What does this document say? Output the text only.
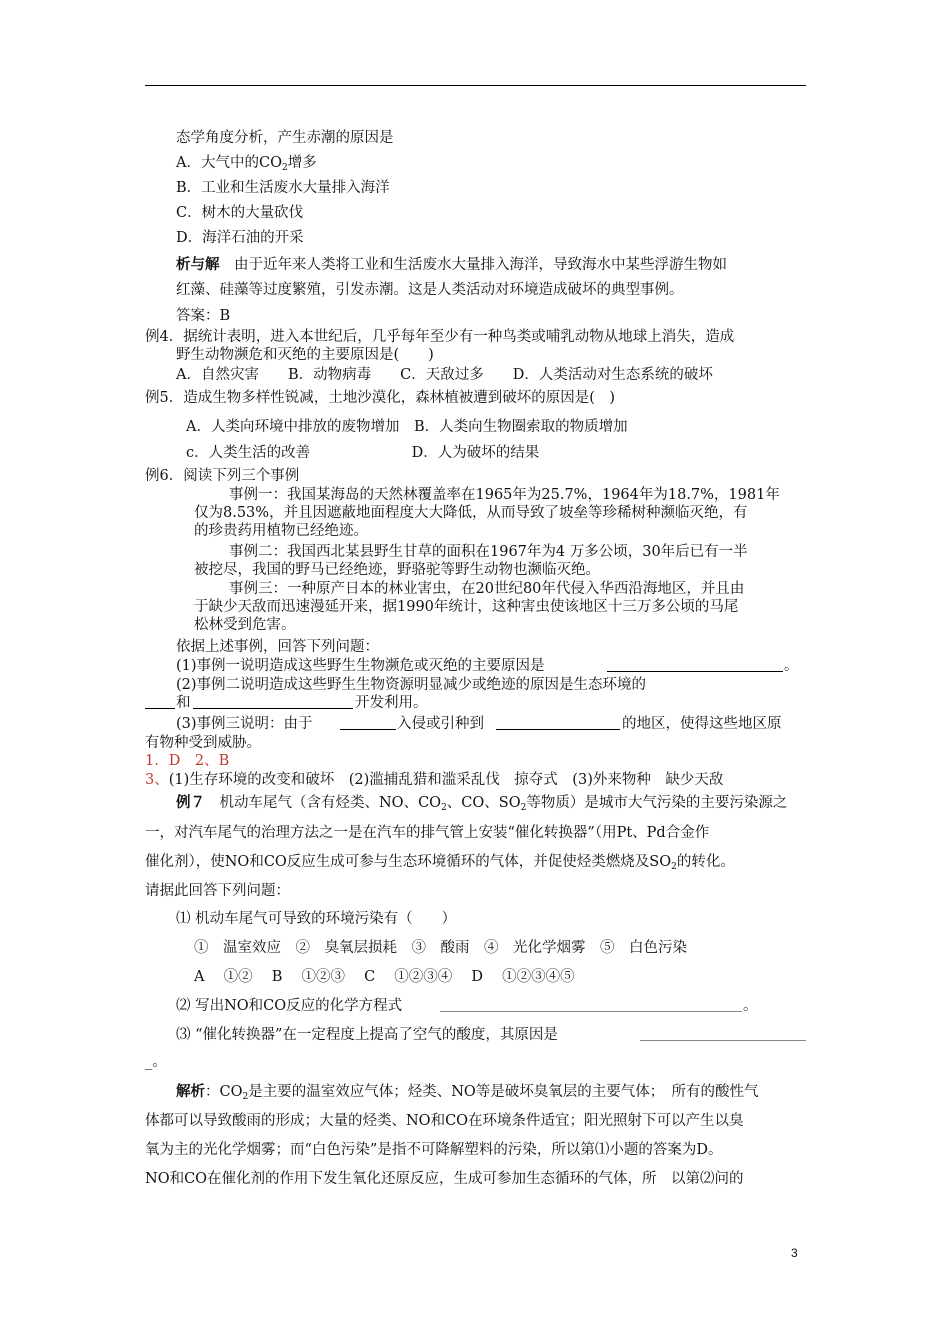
态学角度分析，产生赤潮的原因是
A．大气中的$CO_2$增多
B．工业和生活废水大量排入海洋
C．树木的大量砍伐
D．海洋石油的开采
析与解　由于近年来人类将工业和生活废水大量排入海洋，导致海水中某些浮游生物如
红藻、硅藻等过度繁殖，引发赤潮。这是人类活动对环境造成破坏的典型事例。
答案：B
例4．据统计表明，进入本世纪后，几乎每年至少有一种鸟类或哺乳动物从地球上消失，造成
野生动物濒危和灭绝的主要原因是(　　)
A．自然灾害　　B．动物病毒　　C．天敌过多　　D．人类活动对生态系统的破坏
例5．造成生物多样性锐减，土地沙漠化，森林植被遭到破坏的原因是(　)
A．人类向环境中排放的废物增加　B．人类向生物圈索取的物质增加
c．人类生活的改善　　　　　　　D．人为破坏的结果
例6．阅读下列三个事例
事例一：我国某海岛的天然林覆盖率在1965年为25.7%，1964年为18.7%，1981年
仅为8.53%，并且因遮蔽地面程度大大降低，从而导致了坡垒等珍稀树种濒临灭绝，有
的珍贵药用植物已经绝迹。
事例二：我国西北某县野生甘草的面积在1967年为4 万多公顷，30年后已有一半
被挖尽，我国的野马已经绝迹，野骆驼等野生动物也濒临灭绝。
事例三：一种原产日本的林业害虫，在20世纪80年代侵入华西沿海地区，并且由
于缺少天敌而迅速漫延开来，据1990年统计，这种害虫使该地区十三万多公顷的马尾
松林受到危害。
依据上述事例，回答下列问题：
(1)事例一说明造成这些野生生物濒危或灭绝的主要原因是	。
(2)事例二说明造成这些野生生物资源明显减少或绝迹的原因是生态环境的
和	开发利用。
(3)事例三说明：由于	入侵或引种到	的地区，使得这些地区原
有物种受到威胁。
1．D　2、B
3、(1)生存环境的改变和破坏　(2)滥捕乱猎和滥采乱伐　掠夺式　(3)外来物种　缺少天敌
例７　机动车尾气（含有烃类、NO、$CO_2$、CO、$SO_2$等物质）是城市大气污染的主要污染源之
一，对汽车尾气的治理方法之一是在汽车的排气管上安装“催化转换器”（用Pt、Pd合金作
催化剂），使NO和CO反应生成可参与生态环境循环的气体，并促使烃类燃烧及$SO_2$的转化。
请据此回答下列问题：
⑴ 机动车尾气可导致的环境污染有（　　）
①　温室效应　②　臭氧层损耗　③　酸雨　④　光化学烟雾　⑤　白色污染
A　 ①②　 B　 ①②③　 C　 ①②③④　 D　 ①②③④⑤
⑵ 写出NO和CO反应的化学方程式	。
⑶ “催化转换器”在一定程度上提高了空气的酸度，其原因是
_。
解析：$CO_2$是主要的温室效应气体；烃类、NO等是破坏臭氧层的主要气体；　所有的酸性气
体都可以导致酸雨的形成；大量的烃类、NO和CO在环境条件适宜；阳光照射下可以产生以臭
氧为主的光化学烟雾；而“白色污染”是指不可降解塑料的污染，所以第⑴小题的答案为D。
NO和CO在催化剂的作用下发生氧化还原反应，生成可参加生态循环的气体，所　以第⑵问的
3
